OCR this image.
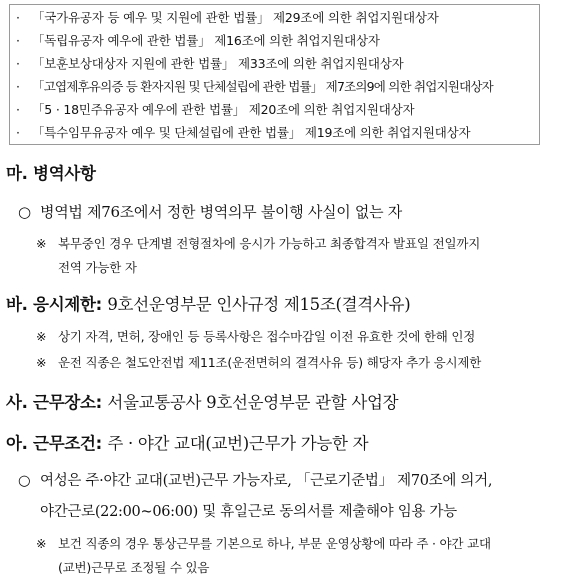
· 「국가유공자 등 예우 및 지원에 관한 법률」 제29조에 의한 취업지원대상자
· 「독립유공자 예우에 관한 법률」 제16조에 의한 취업지원대상자
· 「보훈보상대상자 지원에 관한 법률」 제33조에 의한 취업지원대상자
· 「고엽제후유의증 등 환자지원 및 단체설립에 관한 법률」 제7조의9에 의한 취업지원대상자
· 「5 · 18민주유공자 예우에 관한 법률」 제20조에 의한 취업지원대상자
· 「특수임무유공자 예우 및 단체설립에 관한 법률」 제19조에 의한 취업지원대상자
마. 병역사항
○ 병역법 제76조에서 정한 병역의무 불이행 사실이 없는 자
※ 복무중인 경우 단계별 전형절차에 응시가 가능하고 최종합격자 발표일 전일까지
전역 가능한 자
바. 응시제한: 9호선운영부문 인사규정 제15조(결격사유)
※ 상기 자격, 면허, 장애인 등 등록사항은 접수마감일 이전 유효한 것에 한해 인정
※ 운전 직종은 철도안전법 제11조(운전면허의 결격사유 등) 해당자 추가 응시제한
사. 근무장소: 서울교통공사 9호선운영부문 관할 사업장
아. 근무조건: 주 · 야간 교대(교번)근무가 가능한 자
○ 여성은 주·야간 교대(교번)근무 가능자로, 「근로기준법」 제70조에 의거,
야간근로(22:00~06:00) 및 휴일근로 동의서를 제출해야 임용 가능
※ 보건 직종의 경우 통상근무를 기본으로 하나, 부문 운영상황에 따라 주 · 야간 교대
(교번)근무로 조정될 수 있음
